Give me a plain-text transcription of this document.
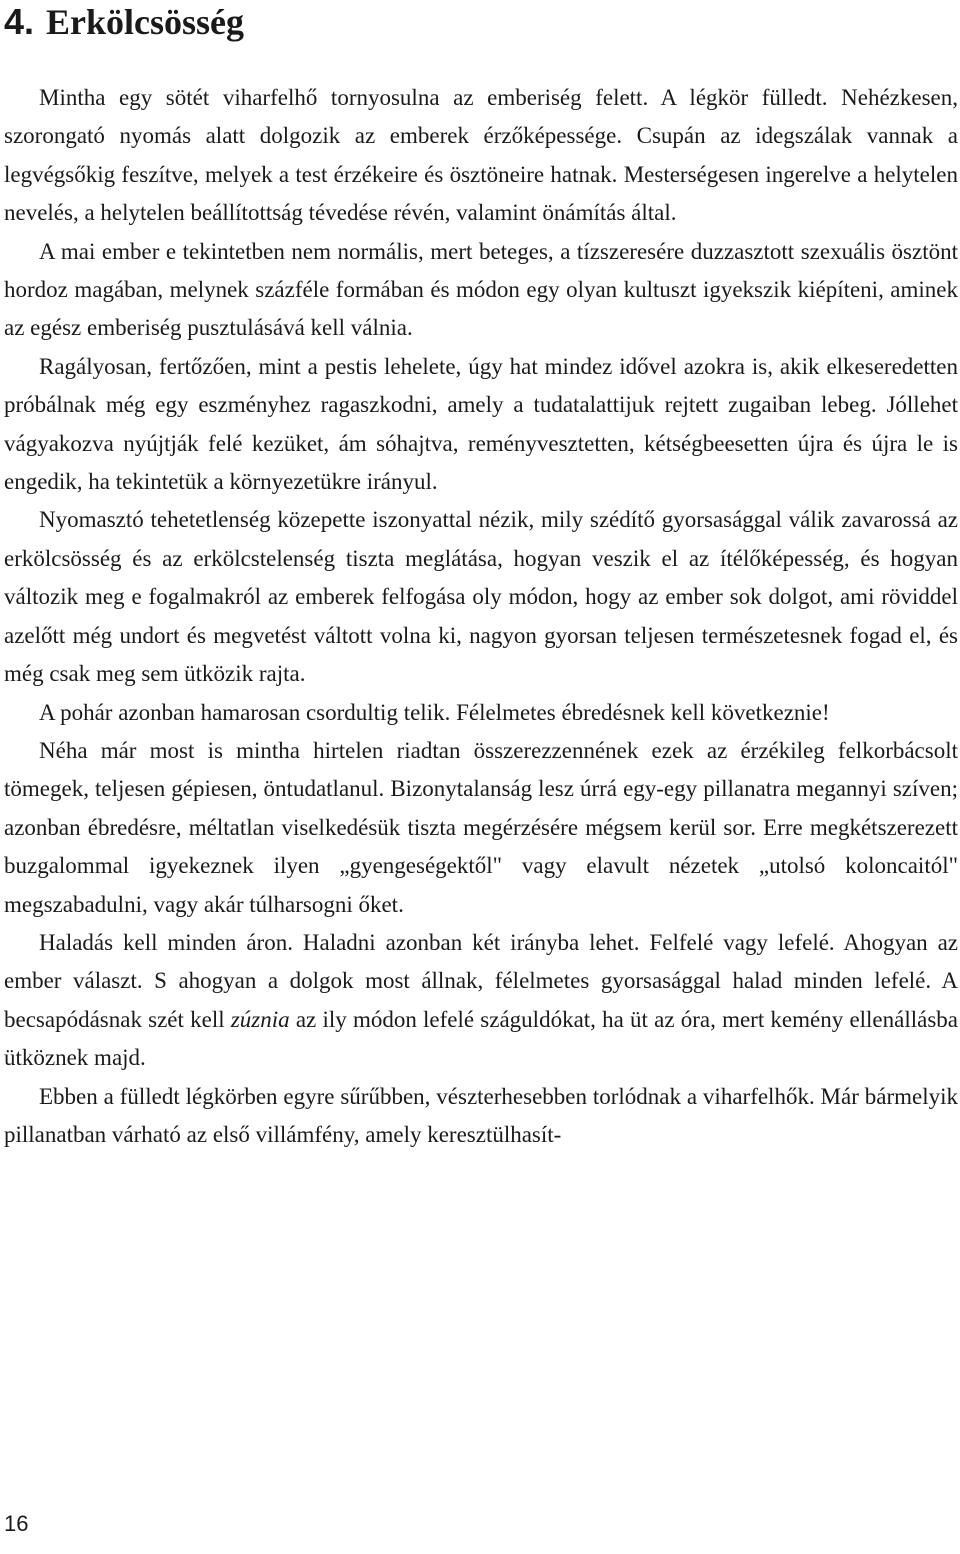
4. Erkölcsösség

Mintha egy sötét viharfelhő tornyosulna az emberiség felett. A légkör fülledt. Nehézkesen, szorongató nyomás alatt dolgozik az emberek érzőképessége. Csupán az idegszálak vannak a legvégsőkig feszítve, melyek a test érzékeire és ösztöneire hatnak. Mesterségesen ingerelve a helytelen nevelés, a helytelen beállítottság tévedése révén, valamint önámítás által.

A mai ember e tekintetben nem normális, mert beteges, a tízszeresére duzzasztott szexuális ösztönt hordoz magában, melynek százféle formában és módon egy olyan kultuszt igyekszik kiépíteni, aminek az egész emberiség pusztulásává kell válnia.

Ragályosan, fertőzően, mint a pestis lehelete, úgy hat mindez idővel azokra is, akik elkeseredetten próbálnak még egy eszményhez ragaszkodni, amely a tudatalattijuk rejtett zugaiban lebeg. Jóllehet vágyakozva nyújtják felé kezüket, ám sóhajtva, reményvesztetten, kétségbeesetten újra és újra le is engedik, ha tekintetük a környezetükre irányul.

Nyomasztó tehetetlenség közepette iszonyattal nézik, mily szédítő gyorsasággal válik zavarossá az erkölcsösség és az erkölcstelenség tiszta meglátása, hogyan veszik el az ítélőképesség, és hogyan változik meg e fogalmakról az emberek felfogása oly módon, hogy az ember sok dolgot, ami röviddel azelőtt még undort és megvetést váltott volna ki, nagyon gyorsan teljesen természetesnek fogad el, és még csak meg sem ütközik rajta.

A pohár azonban hamarosan csordultig telik. Félelmetes ébredésnek kell következnie!

Néha már most is mintha hirtelen riadtan összerezzennének ezek az érzékileg felkorbácsolt tömegek, teljesen gépiesen, öntudatlanul. Bizonytalanság lesz úrrá egy-egy pillanatra megannyi szíven; azonban ébredésre, méltatlan viselkedésük tiszta megérzésére mégsem kerül sor. Erre megkétszerezett buzgalommal igyekeznek ilyen „gyengeségektől" vagy elavult nézetek „utolsó koloncaitól" megszabadulni, vagy akár túlharsogni őket.

Haladás kell minden áron. Haladni azonban két irányba lehet. Felfelé vagy lefelé. Ahogyan az ember választ. S ahogyan a dolgok most állnak, félelmetes gyorsasággal halad minden lefelé. A becsapódásnak szét kell zúznia az ily módon lefelé száguldókat, ha üt az óra, mert kemény ellenállásba ütköznek majd.

Ebben a fülledt légkörben egyre sűrűbben, vészterhesebben torlódnak a viharfelhők. Már bármelyik pillanatban várható az első villámfény, amely keresztülhasít-

16
